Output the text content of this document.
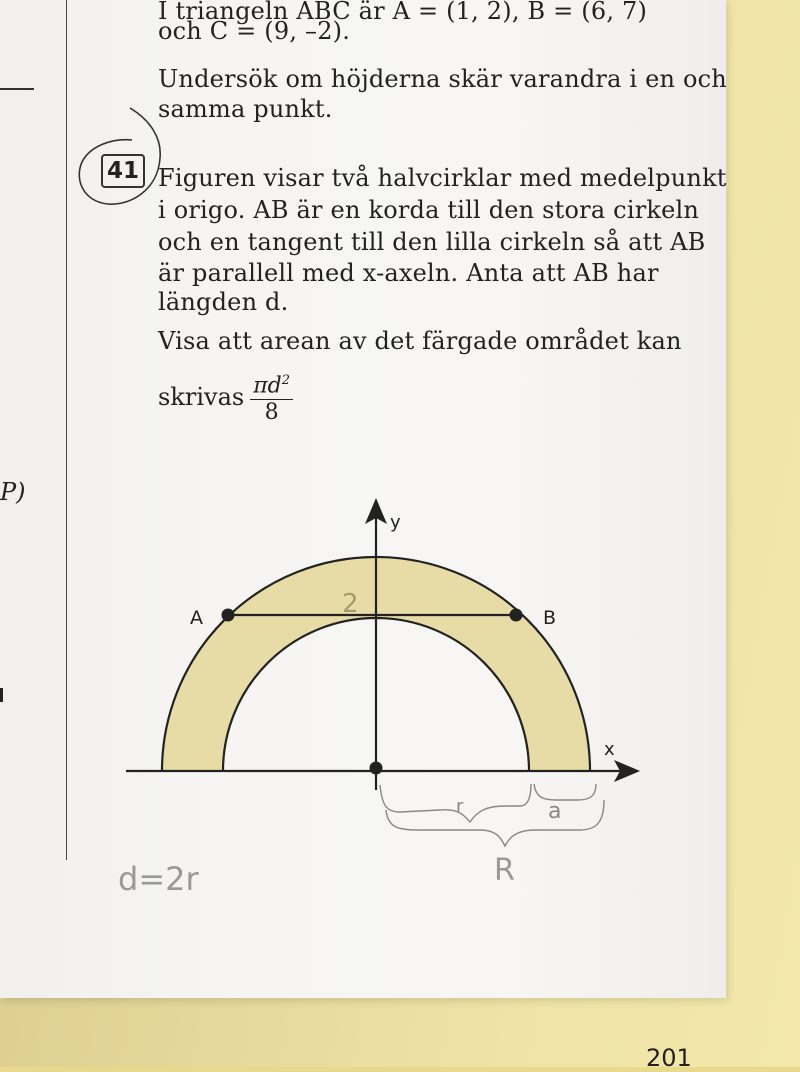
P)
I triangeln ABC är A = (1, 2), B = (6, 7)
och C = (9, –2).
Undersök om höjderna skär varandra i en och
samma punkt.
41 Figuren visar två halvcirklar med medelpunkt
i origo. AB är en korda till den stora cirkeln
och en tangent till den lilla cirkeln så att AB
är parallell med x-axeln. Anta att AB har
längden d.
Visa att arean av det färgade området kan
skrivas $\frac{\pi d^2}{8}$
A	B
x
y
2
r	a
R
d=2r
201
